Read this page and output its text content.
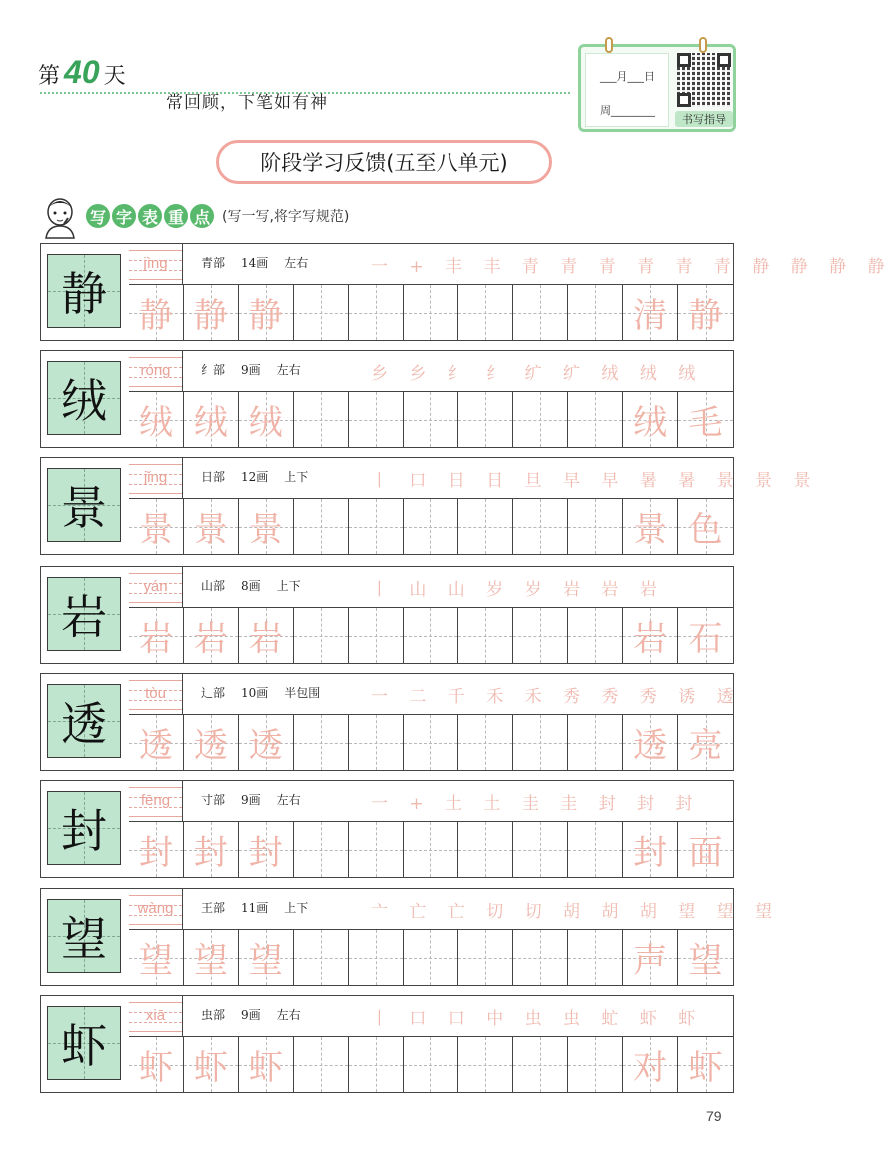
第 40 天
常回顾，下笔如有神
___月___日
周________
书写指导
阶段学习反馈(五至八单元)
写 字 表 重 点 (写一写,将字写规范)
静
jìng	青部 14画 左右	一 + 丰 丰 青 青 青 青 青 青 静 静 静 静
静 静 静	清 静
绒
róng	纟部 9画 左右	乡 乡 纟 纟 纩 纩 绒 绒 绒
绒 绒 绒	绒 毛
景
jǐng	日部 12画 上下	丨 口 日 日 旦 早 早 暑 暑 景 景 景
景 景 景	景 色
岩
yán	山部 8画 上下	丨 山 山 岁 岁 岩 岩 岩
岩 岩 岩	岩 石
透
tòu	辶部 10画 半包围	一 二 千 禾 禾 秀 秀 秀 诱 透
透 透 透	透 亮
封
fēng	寸部 9画 左右	一 + 土 土 圭 圭 封 封 封
封 封 封	封 面
望
wàng	王部 11画 上下	亠 亡 亡 切 切 胡 胡 胡 望 望 望
望 望 望	声 望
虾
xiā	虫部 9画 左右	丨 口 口 中 虫 虫 虻 虾 虾
虾 虾 虾	对 虾
79
